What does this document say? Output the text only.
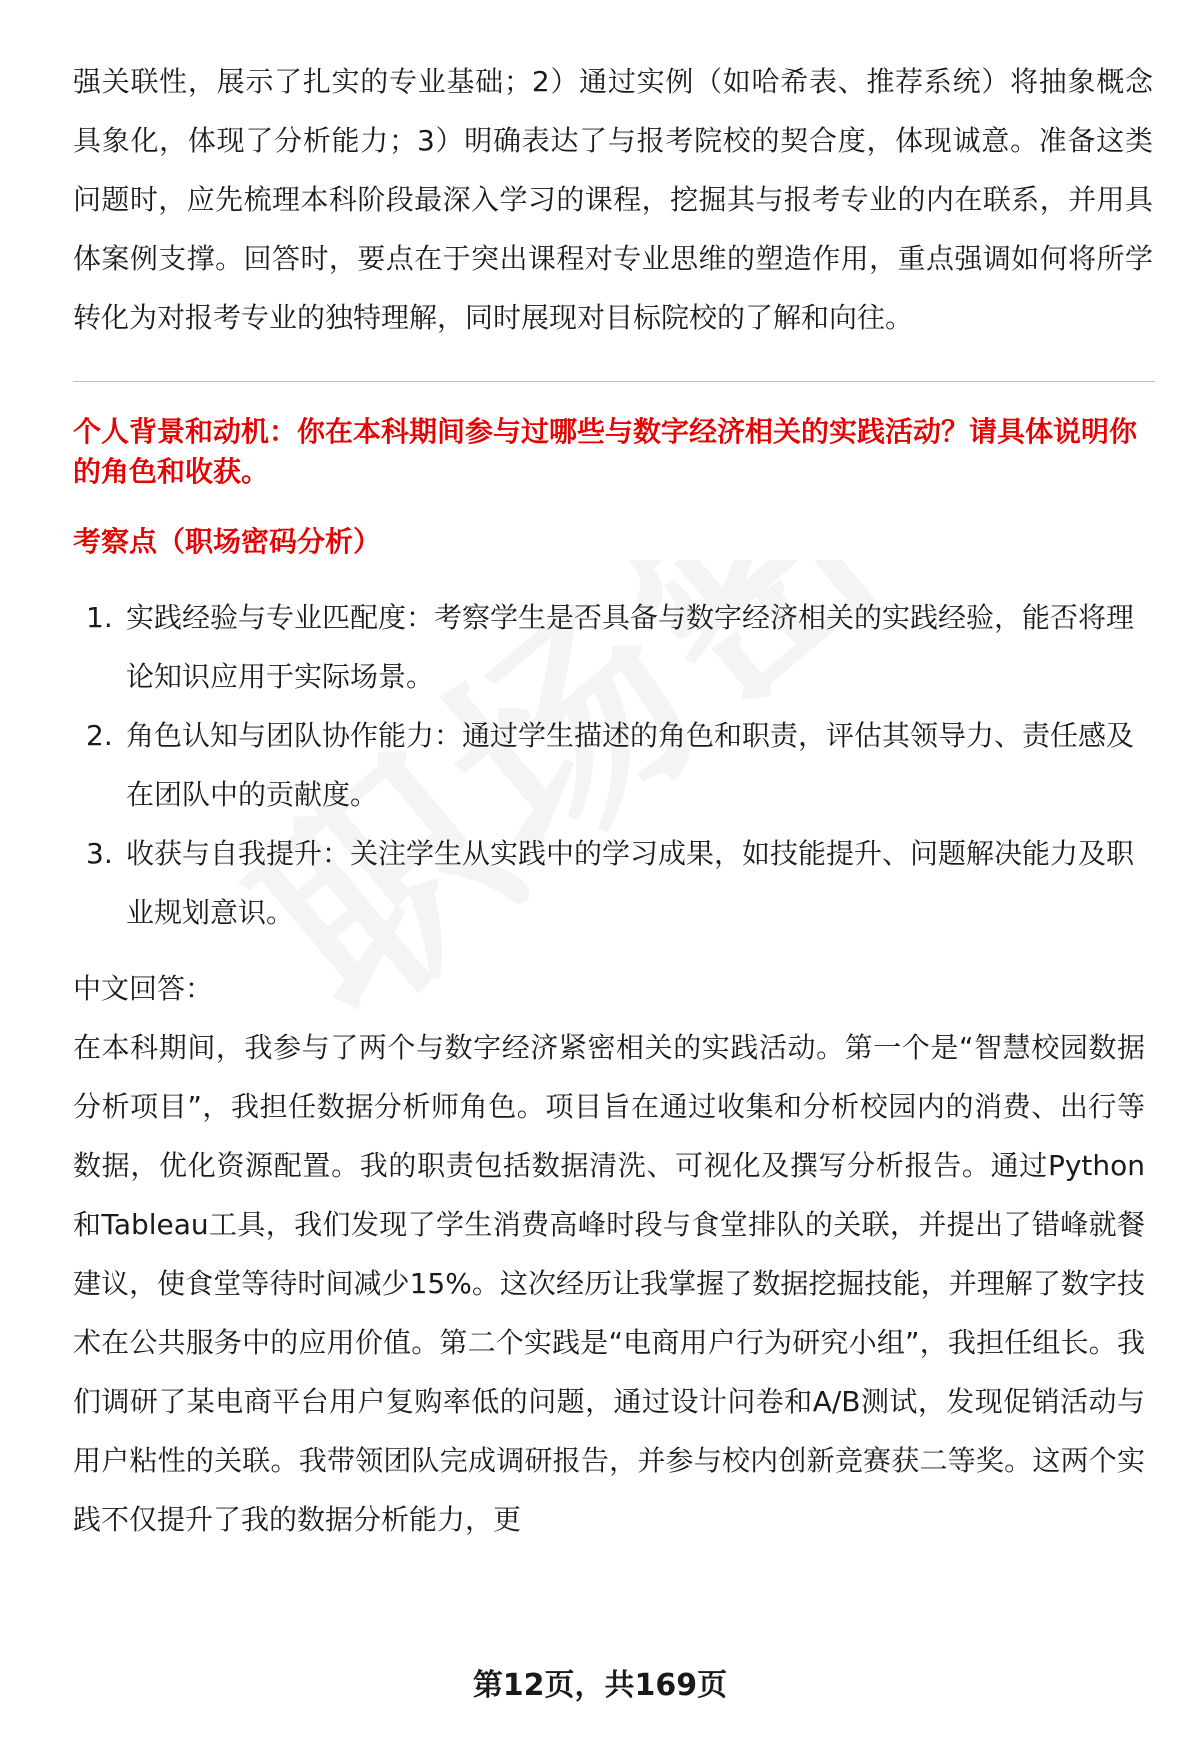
强关联性，展示了扎实的专业基础；2）通过实例（如哈希表、推荐系统）将抽象概念具象化，体现了分析能力；3）明确表达了与报考院校的契合度，体现诚意。准备这类问题时，应先梳理本科阶段最深入学习的课程，挖掘其与报考专业的内在联系，并用具体案例支撑。回答时，要点在于突出课程对专业思维的塑造作用，重点强调如何将所学转化为对报考专业的独特理解，同时展现对目标院校的了解和向往。

个人背景和动机：你在本科期间参与过哪些与数字经济相关的实践活动？请具体说明你的角色和收获。

考察点（职场密码分析）

1. 实践经验与专业匹配度：考察学生是否具备与数字经济相关的实践经验，能否将理论知识应用于实际场景。
2. 角色认知与团队协作能力：通过学生描述的角色和职责，评估其领导力、责任感及在团队中的贡献度。
3. 收获与自我提升：关注学生从实践中的学习成果，如技能提升、问题解决能力及职业规划意识。

中文回答：

在本科期间，我参与了两个与数字经济紧密相关的实践活动。第一个是“智慧校园数据分析项目”，我担任数据分析师角色。项目旨在通过收集和分析校园内的消费、出行等数据，优化资源配置。我的职责包括数据清洗、可视化及撰写分析报告。通过Python和Tableau工具，我们发现了学生消费高峰时段与食堂排队的关联，并提出了错峰就餐建议，使食堂等待时间减少15%。这次经历让我掌握了数据挖掘技能，并理解了数字技术在公共服务中的应用价值。第二个实践是“电商用户行为研究小组”，我担任组长。我们调研了某电商平台用户复购率低的问题，通过设计问卷和A/B测试，发现促销活动与用户粘性的关联。我带领团队完成调研报告，并参与校内创新竞赛获二等奖。这两个实践不仅提升了我的数据分析能力，更

第12页，共169页
